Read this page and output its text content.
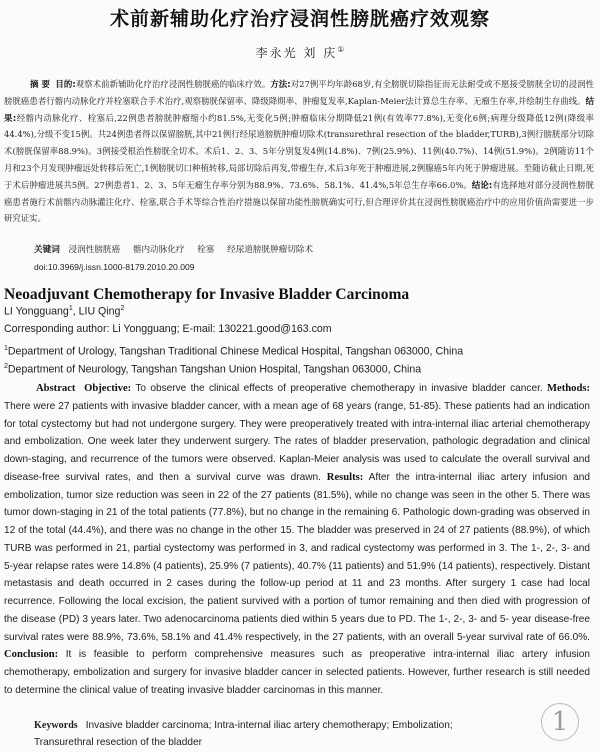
术前新辅助化疗治疗浸润性膀胱癌疗效观察
李永光 刘 庆①
摘 要 目的:观察术前新辅助化疗治疗浸润性膀胱癌的临床疗效。方法:对27例平均年龄68岁,有全膀胱切除指征而无法耐受或不愿接受膀胱全切的浸润性膀胱癌患者行髂内动脉化疗并栓塞联合手术治疗,观察膀胱保留率、降级降期率、肿瘤复发率,Kaplan-Meier法计算总生存率、无瘤生存率,并绘制生存曲线。结果:经髂内动脉化疗、栓塞后,22例患者膀胱肿瘤缩小约81.5%,无变化5例;肿瘤临床分期降低21例(有效率77.8%),无变化6例;病理分级降低12例(降级率44.4%),分级不变15例。共24例患者得以保留膀胱,其中21例行经尿道膀胱肿瘤切除术(transurethral resection of the bladder,TURB),3例行膀胱部分切除术(膀胱保留率88.9%)。3例接受根治性膀胱全切术。术后1、2、3、5年分别复发4例(14.8%)、7例(25.9%)、11例(40.7%)、14例(51.9%)。2例随访11个月和23个月发现肿瘤远处转移后死亡,1例膀胱切口种植转移,局部切除后再发,带瘤生存,术后3年死于肿瘤进展,2例腺癌5年内死于肿瘤进展。至随访截止日期,死于术后肿瘤进展共5例。27例患者1、2、3、5年无瘤生存率分别为88.9%、73.6%、58.1%、41.4%,5年总生存率66.0%。结论:有选择地对部分浸润性膀胱癌患者施行术前髂内动脉灌注化疗、栓塞,联合手术等综合性治疗措施以保留功能性膀胱确实可行,但合理评价其在浸润性膀胱癌治疗中的应用价值尚需要进一步研究证实。
关键词 浸润性膀胱癌 髂内动脉化疗 栓塞 经尿道膀胱肿瘤切除术
doi:10.3969/j.issn.1000-8179.2010.20.009
Neoadjuvant Chemotherapy for Invasive Bladder Carcinoma
LI Yongguang$^1$, LIU Qing$^2$
Corresponding author: Li Yongguang; E-mail: 130221.good@163.com
$^1$Department of Urology, Tangshan Traditional Chinese Medical Hospital, Tangshan 063000, China
$^2$Department of Neurology, Tangshan Tangshan Union Hospital, Tangshan 063000, China
Abstract Objective: To observe the clinical effects of preoperative chemotherapy in invasive bladder cancer. Methods: There were 27 patients with invasive bladder cancer, with a mean age of 68 years (range, 51-85). These patients had an indication for total cystectomy but had not undergone surgery. They were preoperatively treated with intra-internal iliac arterial chemotherapy and embolization. One week later they underwent surgery. The rates of bladder preservation, pathologic degradation and clinical down-staging, and recurrence of the tumors were observed. Kaplan-Meier analysis was used to calculate the overall survival and disease-free survival rates, and then a survival curve was drawn. Results: After the intra-internal iliac artery infusion and embolization, tumor size reduction was seen in 22 of the 27 patients (81.5%), while no change was seen in the other 5. There was tumor down-staging in 21 of the total patients (77.8%), but no change in the remaining 6. Pathologic down-grading was observed in 12 of the total (44.4%), and there was no change in the other 15. The bladder was preserved in 24 of 27 patients (88.9%), of which TURB was performed in 21, partial cystectomy was performed in 3, and radical cystectomy was performed in 3. The 1-, 2-, 3- and 5-year relapse rates were 14.8% (4 patients), 25.9% (7 patients), 40.7% (11 patients) and 51.9% (14 patients), respectively. Distant metastasis and death occurred in 2 cases during the follow-up period at 11 and 23 months. After surgery 1 case had local recurrence. Following the local excision, the patient survived with a portion of tumor remaining and then died with progression of the disease (PD) 3 years later. Two adenocarcinoma patients died within 5 years due to PD. The 1-, 2-, 3- and 5- year disease-free survival rates were 88.9%, 73.6%, 58.1% and 41.4% respectively, in the 27 patients, with an overall 5-year survival rate of 66.0%. Conclusion: It is feasible to perform comprehensive measures such as preoperative intra-internal iliac artery infusion chemotherapy, embolization and surgery for invasive bladder cancer in selected patients. However, further research is still needed to determine the clinical value of treating invasive bladder carcinomas in this manner.
Keywords Invasive bladder carcinoma; Intra-internal iliac artery chemotherapy; Embolization; Transurethral resection of the bladder
1
